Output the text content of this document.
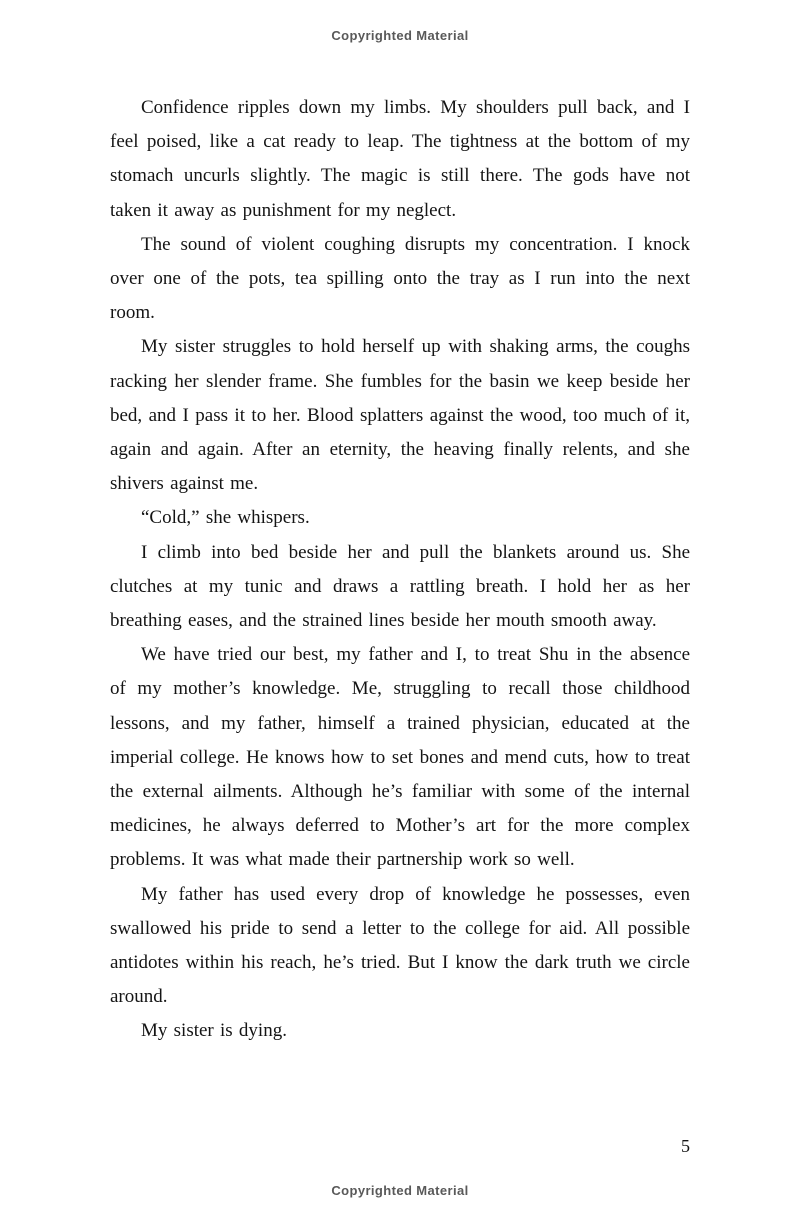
Copyrighted Material

Confidence ripples down my limbs. My shoulders pull back, and I feel poised, like a cat ready to leap. The tightness at the bottom of my stomach uncurls slightly. The magic is still there. The gods have not taken it away as punishment for my neglect.

The sound of violent coughing disrupts my concentration. I knock over one of the pots, tea spilling onto the tray as I run into the next room.

My sister struggles to hold herself up with shaking arms, the coughs racking her slender frame. She fumbles for the basin we keep beside her bed, and I pass it to her. Blood splatters against the wood, too much of it, again and again. After an eternity, the heaving finally relents, and she shivers against me.

“Cold,” she whispers.

I climb into bed beside her and pull the blankets around us. She clutches at my tunic and draws a rattling breath. I hold her as her breathing eases, and the strained lines beside her mouth smooth away.

We have tried our best, my father and I, to treat Shu in the absence of my mother’s knowledge. Me, struggling to recall those childhood lessons, and my father, himself a trained physician, educated at the imperial college. He knows how to set bones and mend cuts, how to treat the external ailments. Although he’s familiar with some of the internal medicines, he always deferred to Mother’s art for the more complex problems. It was what made their partnership work so well.

My father has used every drop of knowledge he possesses, even swallowed his pride to send a letter to the college for aid. All possible antidotes within his reach, he’s tried. But I know the dark truth we circle around.

My sister is dying.

5
Copyrighted Material
